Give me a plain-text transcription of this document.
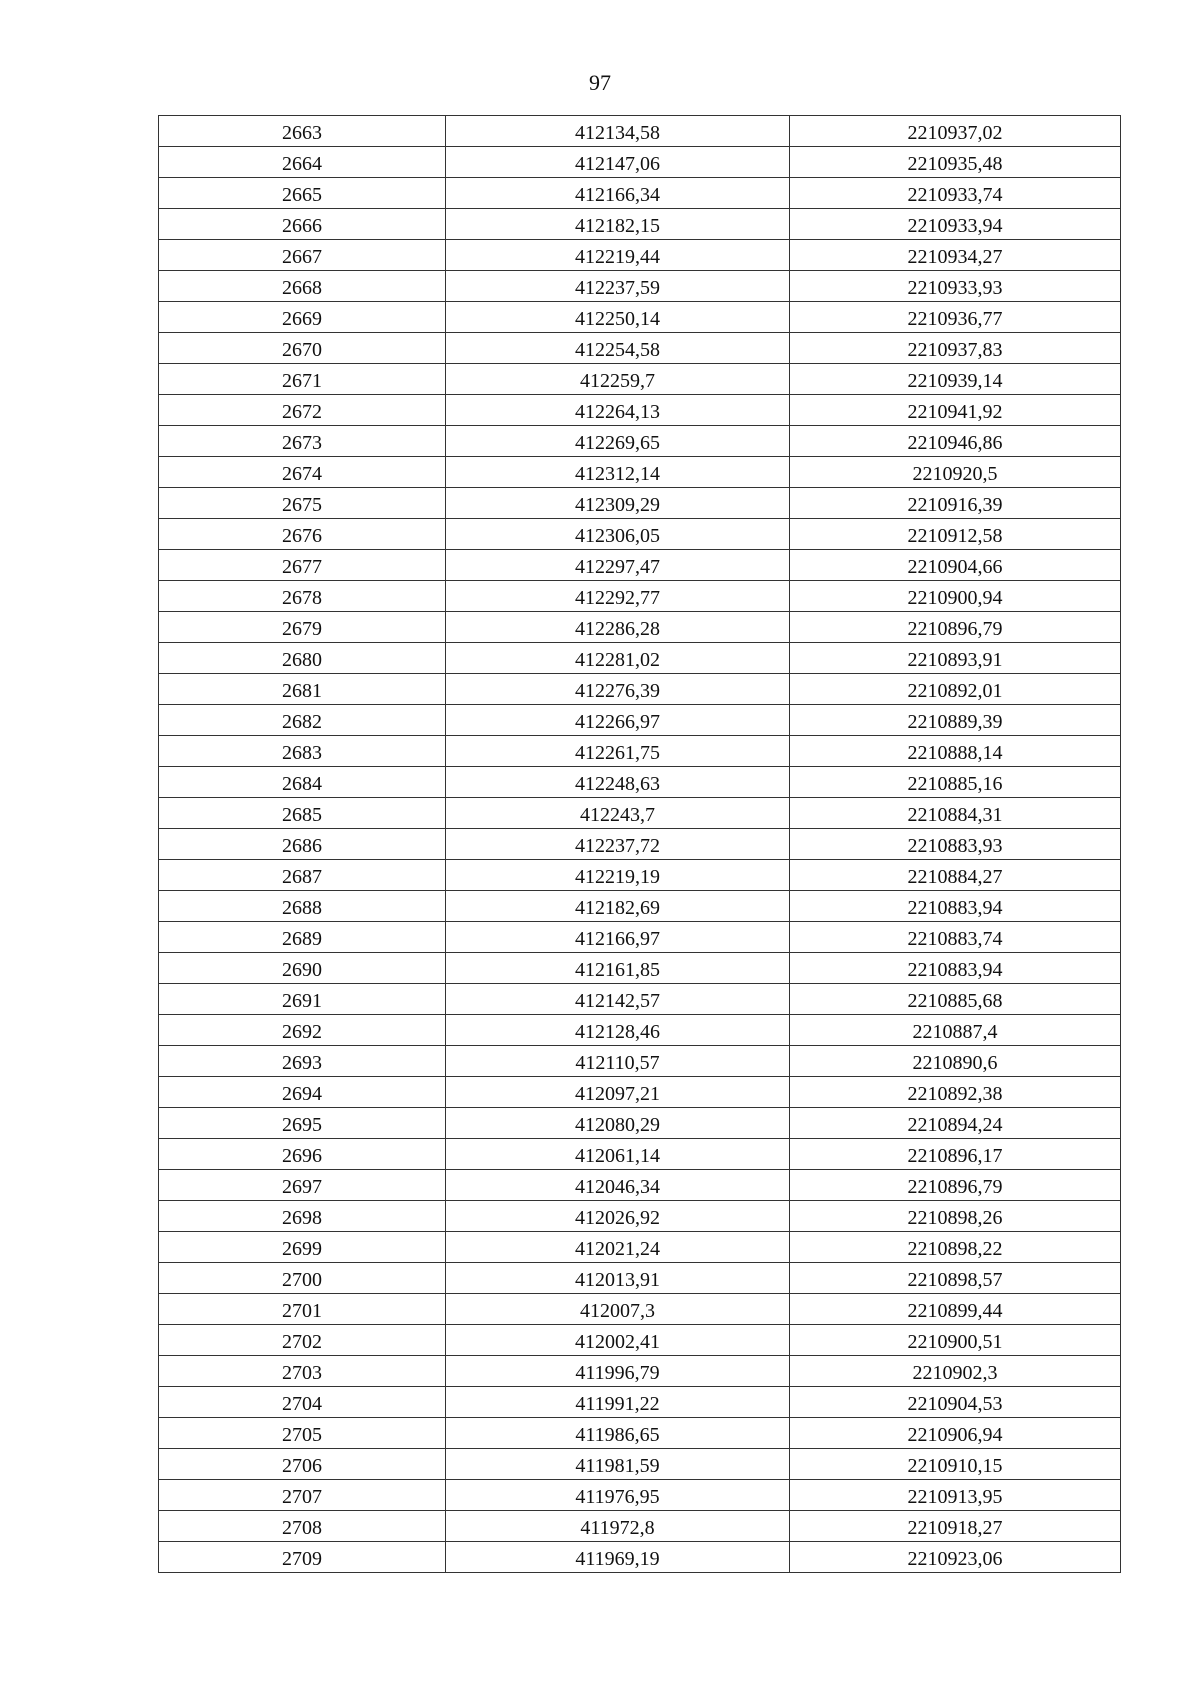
97
2663	412134,58	2210937,02
2664	412147,06	2210935,48
2665	412166,34	2210933,74
2666	412182,15	2210933,94
2667	412219,44	2210934,27
2668	412237,59	2210933,93
2669	412250,14	2210936,77
2670	412254,58	2210937,83
2671	412259,7	2210939,14
2672	412264,13	2210941,92
2673	412269,65	2210946,86
2674	412312,14	2210920,5
2675	412309,29	2210916,39
2676	412306,05	2210912,58
2677	412297,47	2210904,66
2678	412292,77	2210900,94
2679	412286,28	2210896,79
2680	412281,02	2210893,91
2681	412276,39	2210892,01
2682	412266,97	2210889,39
2683	412261,75	2210888,14
2684	412248,63	2210885,16
2685	412243,7	2210884,31
2686	412237,72	2210883,93
2687	412219,19	2210884,27
2688	412182,69	2210883,94
2689	412166,97	2210883,74
2690	412161,85	2210883,94
2691	412142,57	2210885,68
2692	412128,46	2210887,4
2693	412110,57	2210890,6
2694	412097,21	2210892,38
2695	412080,29	2210894,24
2696	412061,14	2210896,17
2697	412046,34	2210896,79
2698	412026,92	2210898,26
2699	412021,24	2210898,22
2700	412013,91	2210898,57
2701	412007,3	2210899,44
2702	412002,41	2210900,51
2703	411996,79	2210902,3
2704	411991,22	2210904,53
2705	411986,65	2210906,94
2706	411981,59	2210910,15
2707	411976,95	2210913,95
2708	411972,8	2210918,27
2709	411969,19	2210923,06
